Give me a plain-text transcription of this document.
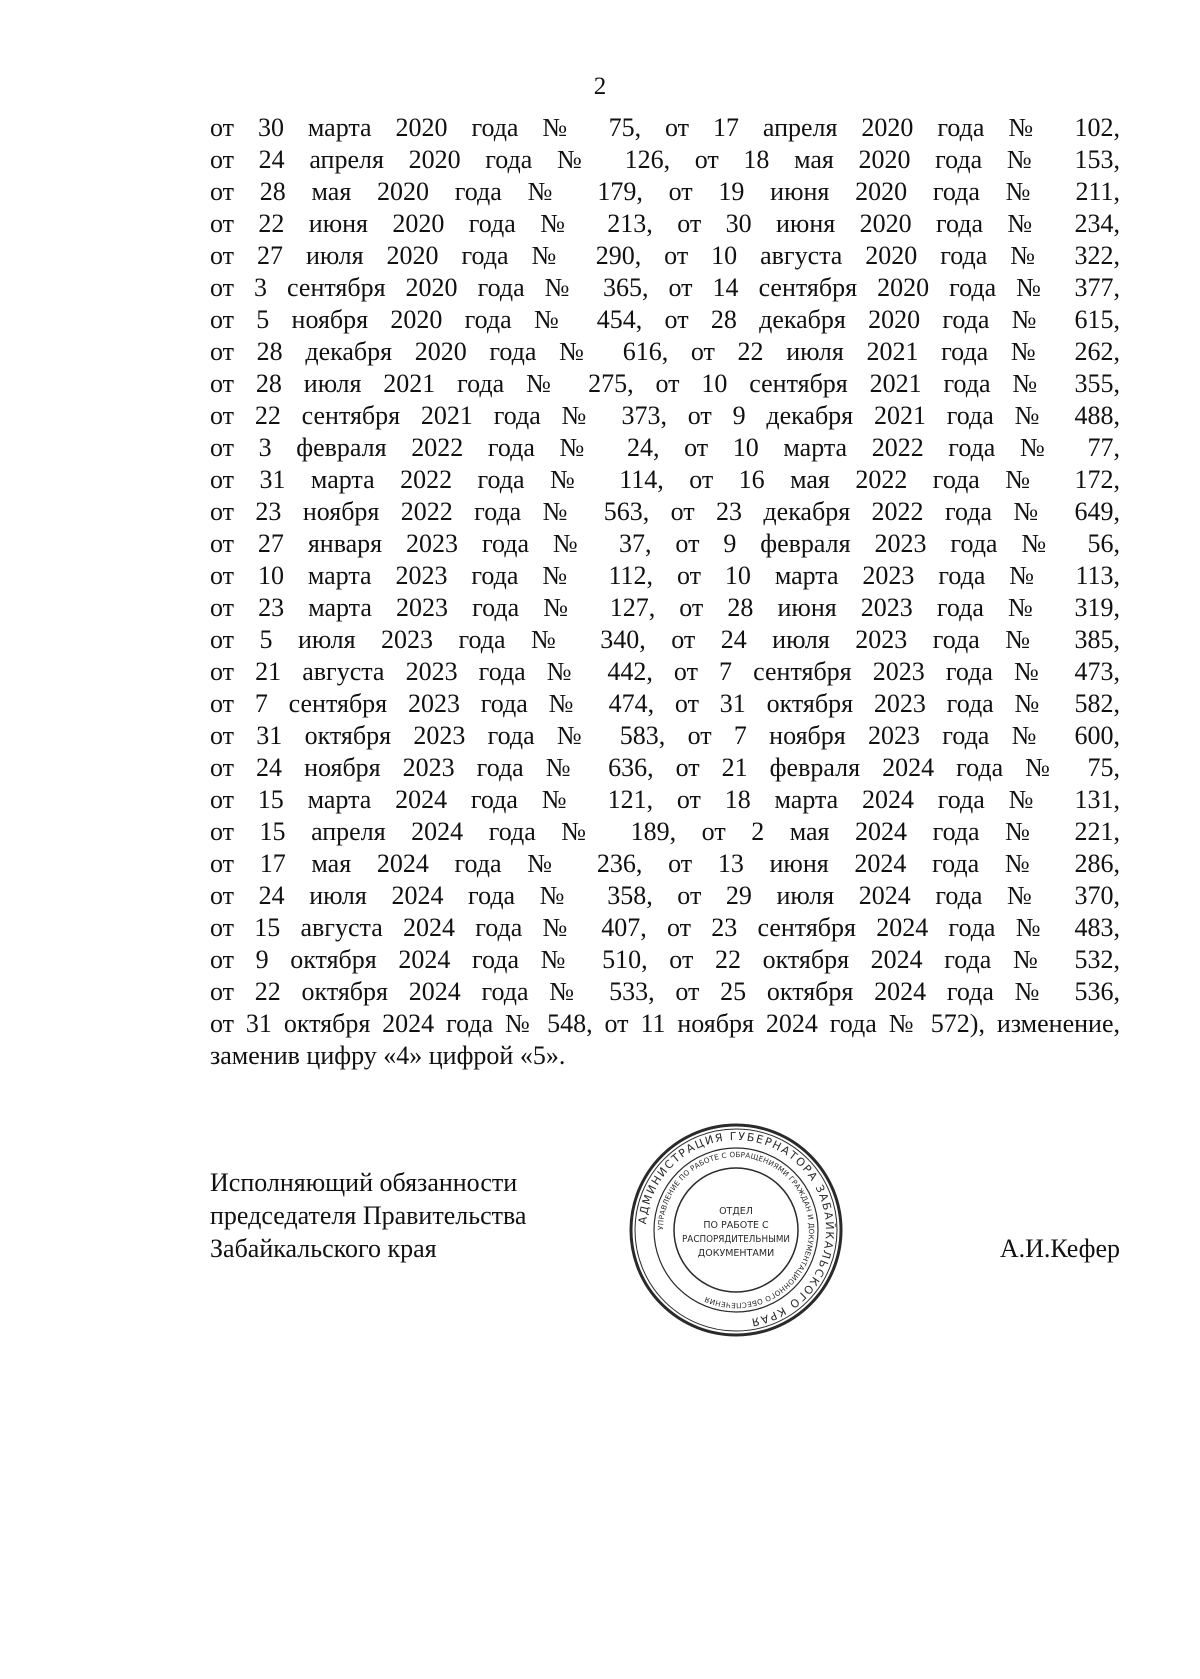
2
от 30 марта 2020 года № 75, от 17 апреля 2020 года № 102,
от 24 апреля 2020 года № 126, от 18 мая 2020 года № 153,
от 28 мая 2020 года № 179, от 19 июня 2020 года № 211,
от 22 июня 2020 года № 213, от 30 июня 2020 года № 234,
от 27 июля 2020 года № 290, от 10 августа 2020 года № 322,
от 3 сентября 2020 года № 365, от 14 сентября 2020 года № 377,
от 5 ноября 2020 года № 454, от 28 декабря 2020 года № 615,
от 28 декабря 2020 года № 616, от 22 июля 2021 года № 262,
от 28 июля 2021 года № 275, от 10 сентября 2021 года № 355,
от 22 сентября 2021 года № 373, от 9 декабря 2021 года № 488,
от 3 февраля 2022 года № 24, от 10 марта 2022 года № 77,
от 31 марта 2022 года № 114, от 16 мая 2022 года № 172,
от 23 ноября 2022 года № 563, от 23 декабря 2022 года № 649,
от 27 января 2023 года № 37, от 9 февраля 2023 года № 56,
от 10 марта 2023 года № 112, от 10 марта 2023 года № 113,
от 23 марта 2023 года № 127, от 28 июня 2023 года № 319,
от 5 июля 2023 года № 340, от 24 июля 2023 года № 385,
от 21 августа 2023 года № 442, от 7 сентября 2023 года № 473,
от 7 сентября 2023 года № 474, от 31 октября 2023 года № 582,
от 31 октября 2023 года № 583, от 7 ноября 2023 года № 600,
от 24 ноября 2023 года № 636, от 21 февраля 2024 года № 75,
от 15 марта 2024 года № 121, от 18 марта 2024 года № 131,
от 15 апреля 2024 года № 189, от 2 мая 2024 года № 221,
от 17 мая 2024 года № 236, от 13 июня 2024 года № 286,
от 24 июля 2024 года № 358, от 29 июля 2024 года № 370,
от 15 августа 2024 года № 407, от 23 сентября 2024 года № 483,
от 9 октября 2024 года № 510, от 22 октября 2024 года № 532,
от 22 октября 2024 года № 533, от 25 октября 2024 года № 536,
от 31 октября 2024 года № 548, от 11 ноября 2024 года № 572), изменение,
заменив цифру «4» цифрой «5».
Исполняющий обязанности
председателя Правительства
Забайкальского края
АДМИНИСТРАЦИЯ ГУБЕРНАТОРА ЗАБАЙКАЛЬСКОГО КРАЯ
УПРАВЛЕНИЕ ПО РАБОТЕ С ОБРАЩЕНИЯМИ ГРАЖДАН И ДОКУМЕНТАЦИОННОГО ОБЕСПЕЧЕНИЯ
ОТДЕЛ
ПО РАБОТЕ С
РАСПОРЯДИТЕЛЬНЫМИ
ДОКУМЕНТАМИ	А.И.Кефер
